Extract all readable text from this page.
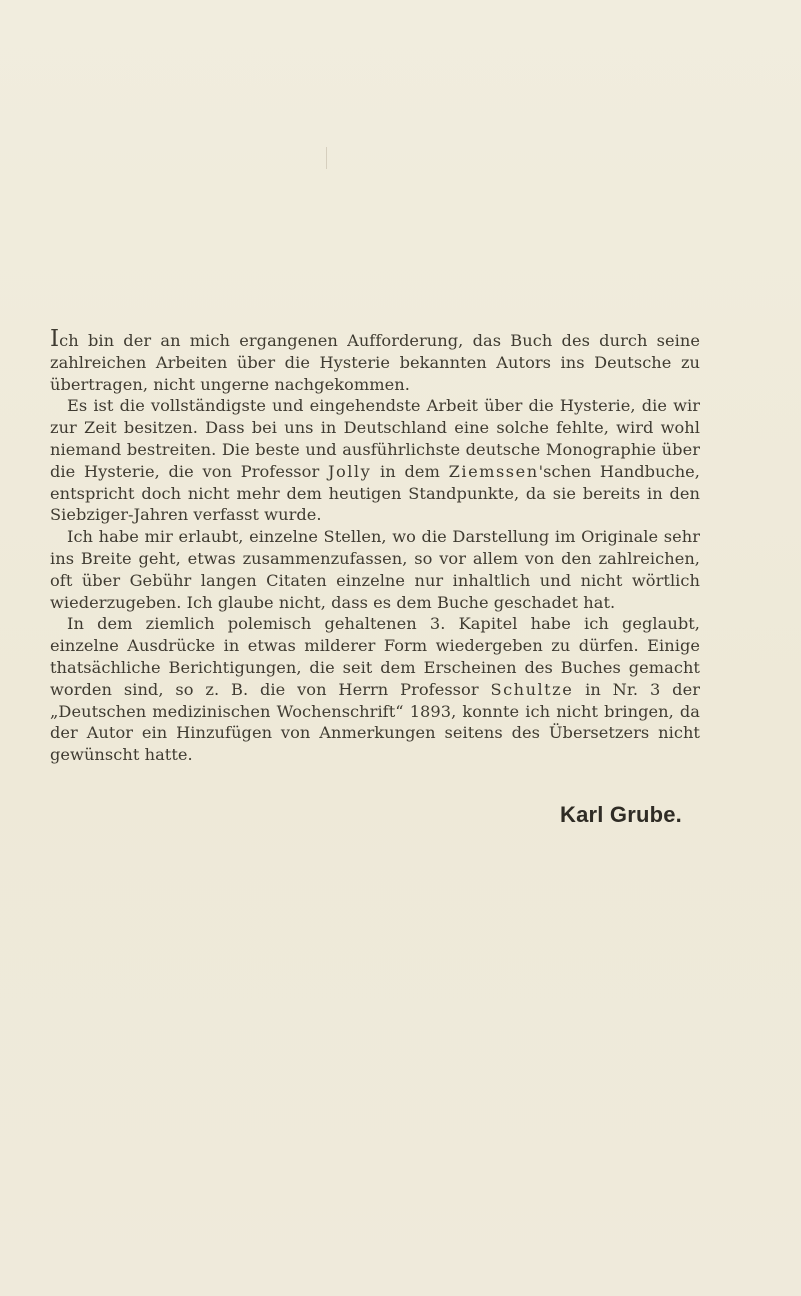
Ich bin der an mich ergangenen Aufforderung, das Buch des durch seine zahlreichen Arbeiten über die Hysterie bekannten Autors ins Deutsche zu übertragen, nicht ungerne nachgekommen.

Es ist die vollständigste und eingehendste Arbeit über die Hysterie, die wir zur Zeit besitzen. Dass bei uns in Deutschland eine solche fehlte, wird wohl niemand bestreiten. Die beste und ausführlichste deutsche Monographie über die Hysterie, die von Professor Jolly in dem Ziemssen'schen Handbuche, entspricht doch nicht mehr dem heutigen Standpunkte, da sie bereits in den Siebziger-Jahren verfasst wurde.

Ich habe mir erlaubt, einzelne Stellen, wo die Darstellung im Originale sehr ins Breite geht, etwas zusammenzufassen, so vor allem von den zahlreichen, oft über Gebühr langen Citaten einzelne nur inhaltlich und nicht wörtlich wiederzugeben. Ich glaube nicht, dass es dem Buche geschadet hat.

In dem ziemlich polemisch gehaltenen 3. Kapitel habe ich geglaubt, einzelne Ausdrücke in etwas milderer Form wiedergeben zu dürfen. Einige thatsächliche Berichtigungen, die seit dem Erscheinen des Buches gemacht worden sind, so z. B. die von Herrn Professor Schultze in Nr. 3 der „Deutschen medizinischen Wochenschrift“ 1893, konnte ich nicht bringen, da der Autor ein Hinzufügen von Anmerkungen seitens des Übersetzers nicht gewünscht hatte.

Karl Grube.
